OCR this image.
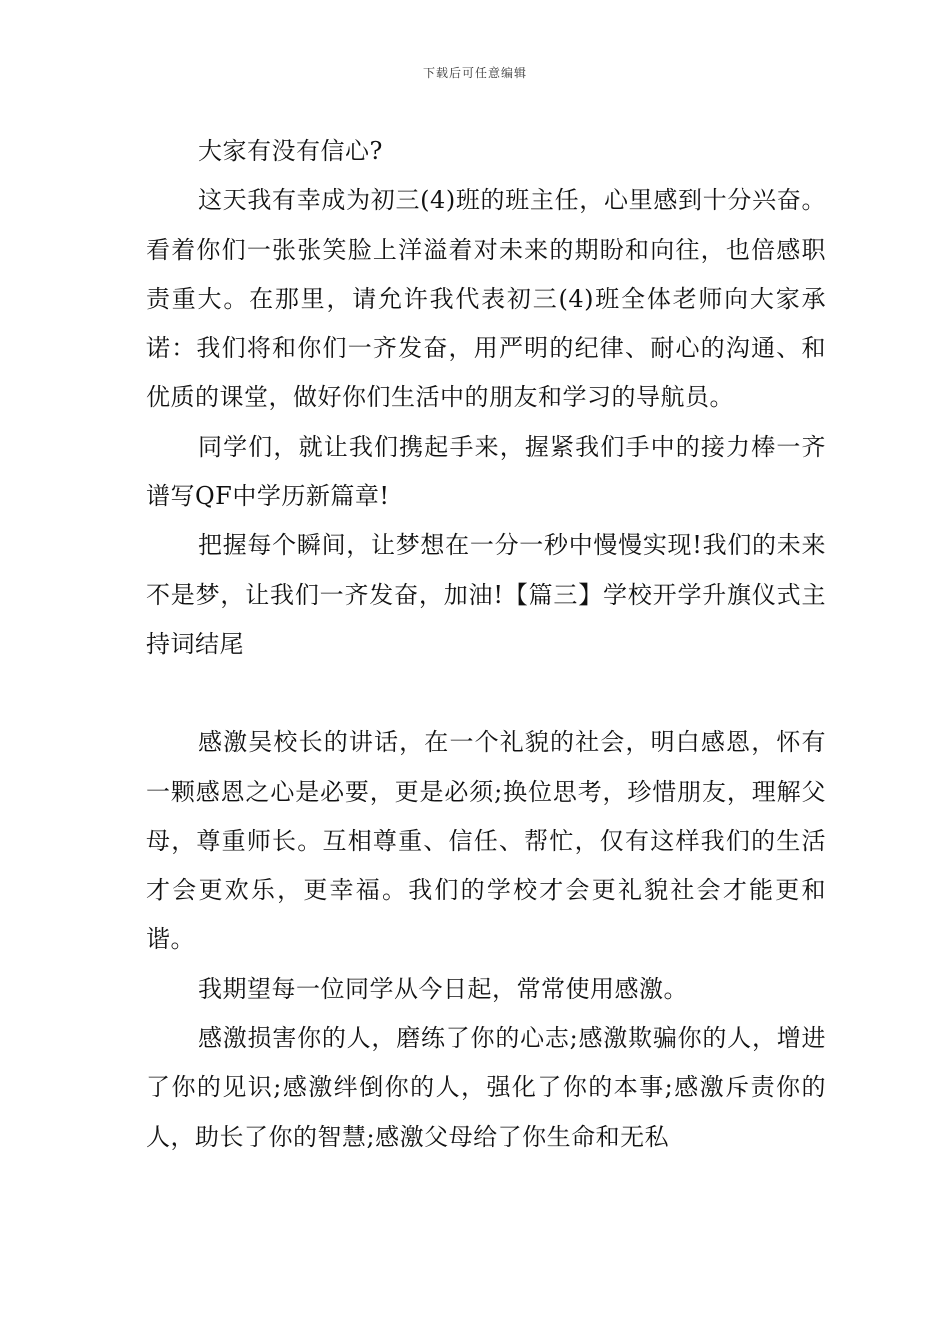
下载后可任意编辑

大家有没有信心?

这天我有幸成为初三(4)班的班主任，心里感到十分兴奋。看着你们一张张笑脸上洋溢着对未来的期盼和向往，也倍感职责重大。在那里，请允许我代表初三(4)班全体老师向大家承诺：我们将和你们一齐发奋，用严明的纪律、耐心的沟通、和优质的课堂，做好你们生活中的朋友和学习的导航员。

同学们，就让我们携起手来，握紧我们手中的接力棒一齐谱写QF中学历新篇章!

把握每个瞬间，让梦想在一分一秒中慢慢实现!我们的未来不是梦，让我们一齐发奋，加油!【篇三】学校开学升旗仪式主持词结尾

感激吴校长的讲话，在一个礼貌的社会，明白感恩，怀有一颗感恩之心是必要，更是必须;换位思考，珍惜朋友，理解父母，尊重师长。互相尊重、信任、帮忙，仅有这样我们的生活才会更欢乐，更幸福。我们的学校才会更礼貌社会才能更和谐。

我期望每一位同学从今日起，常常使用感激。

感激损害你的人，磨练了你的心志;感激欺骗你的人，增进了你的见识;感激绊倒你的人，强化了你的本事;感激斥责你的人，助长了你的智慧;感激父母给了你生命和无私
